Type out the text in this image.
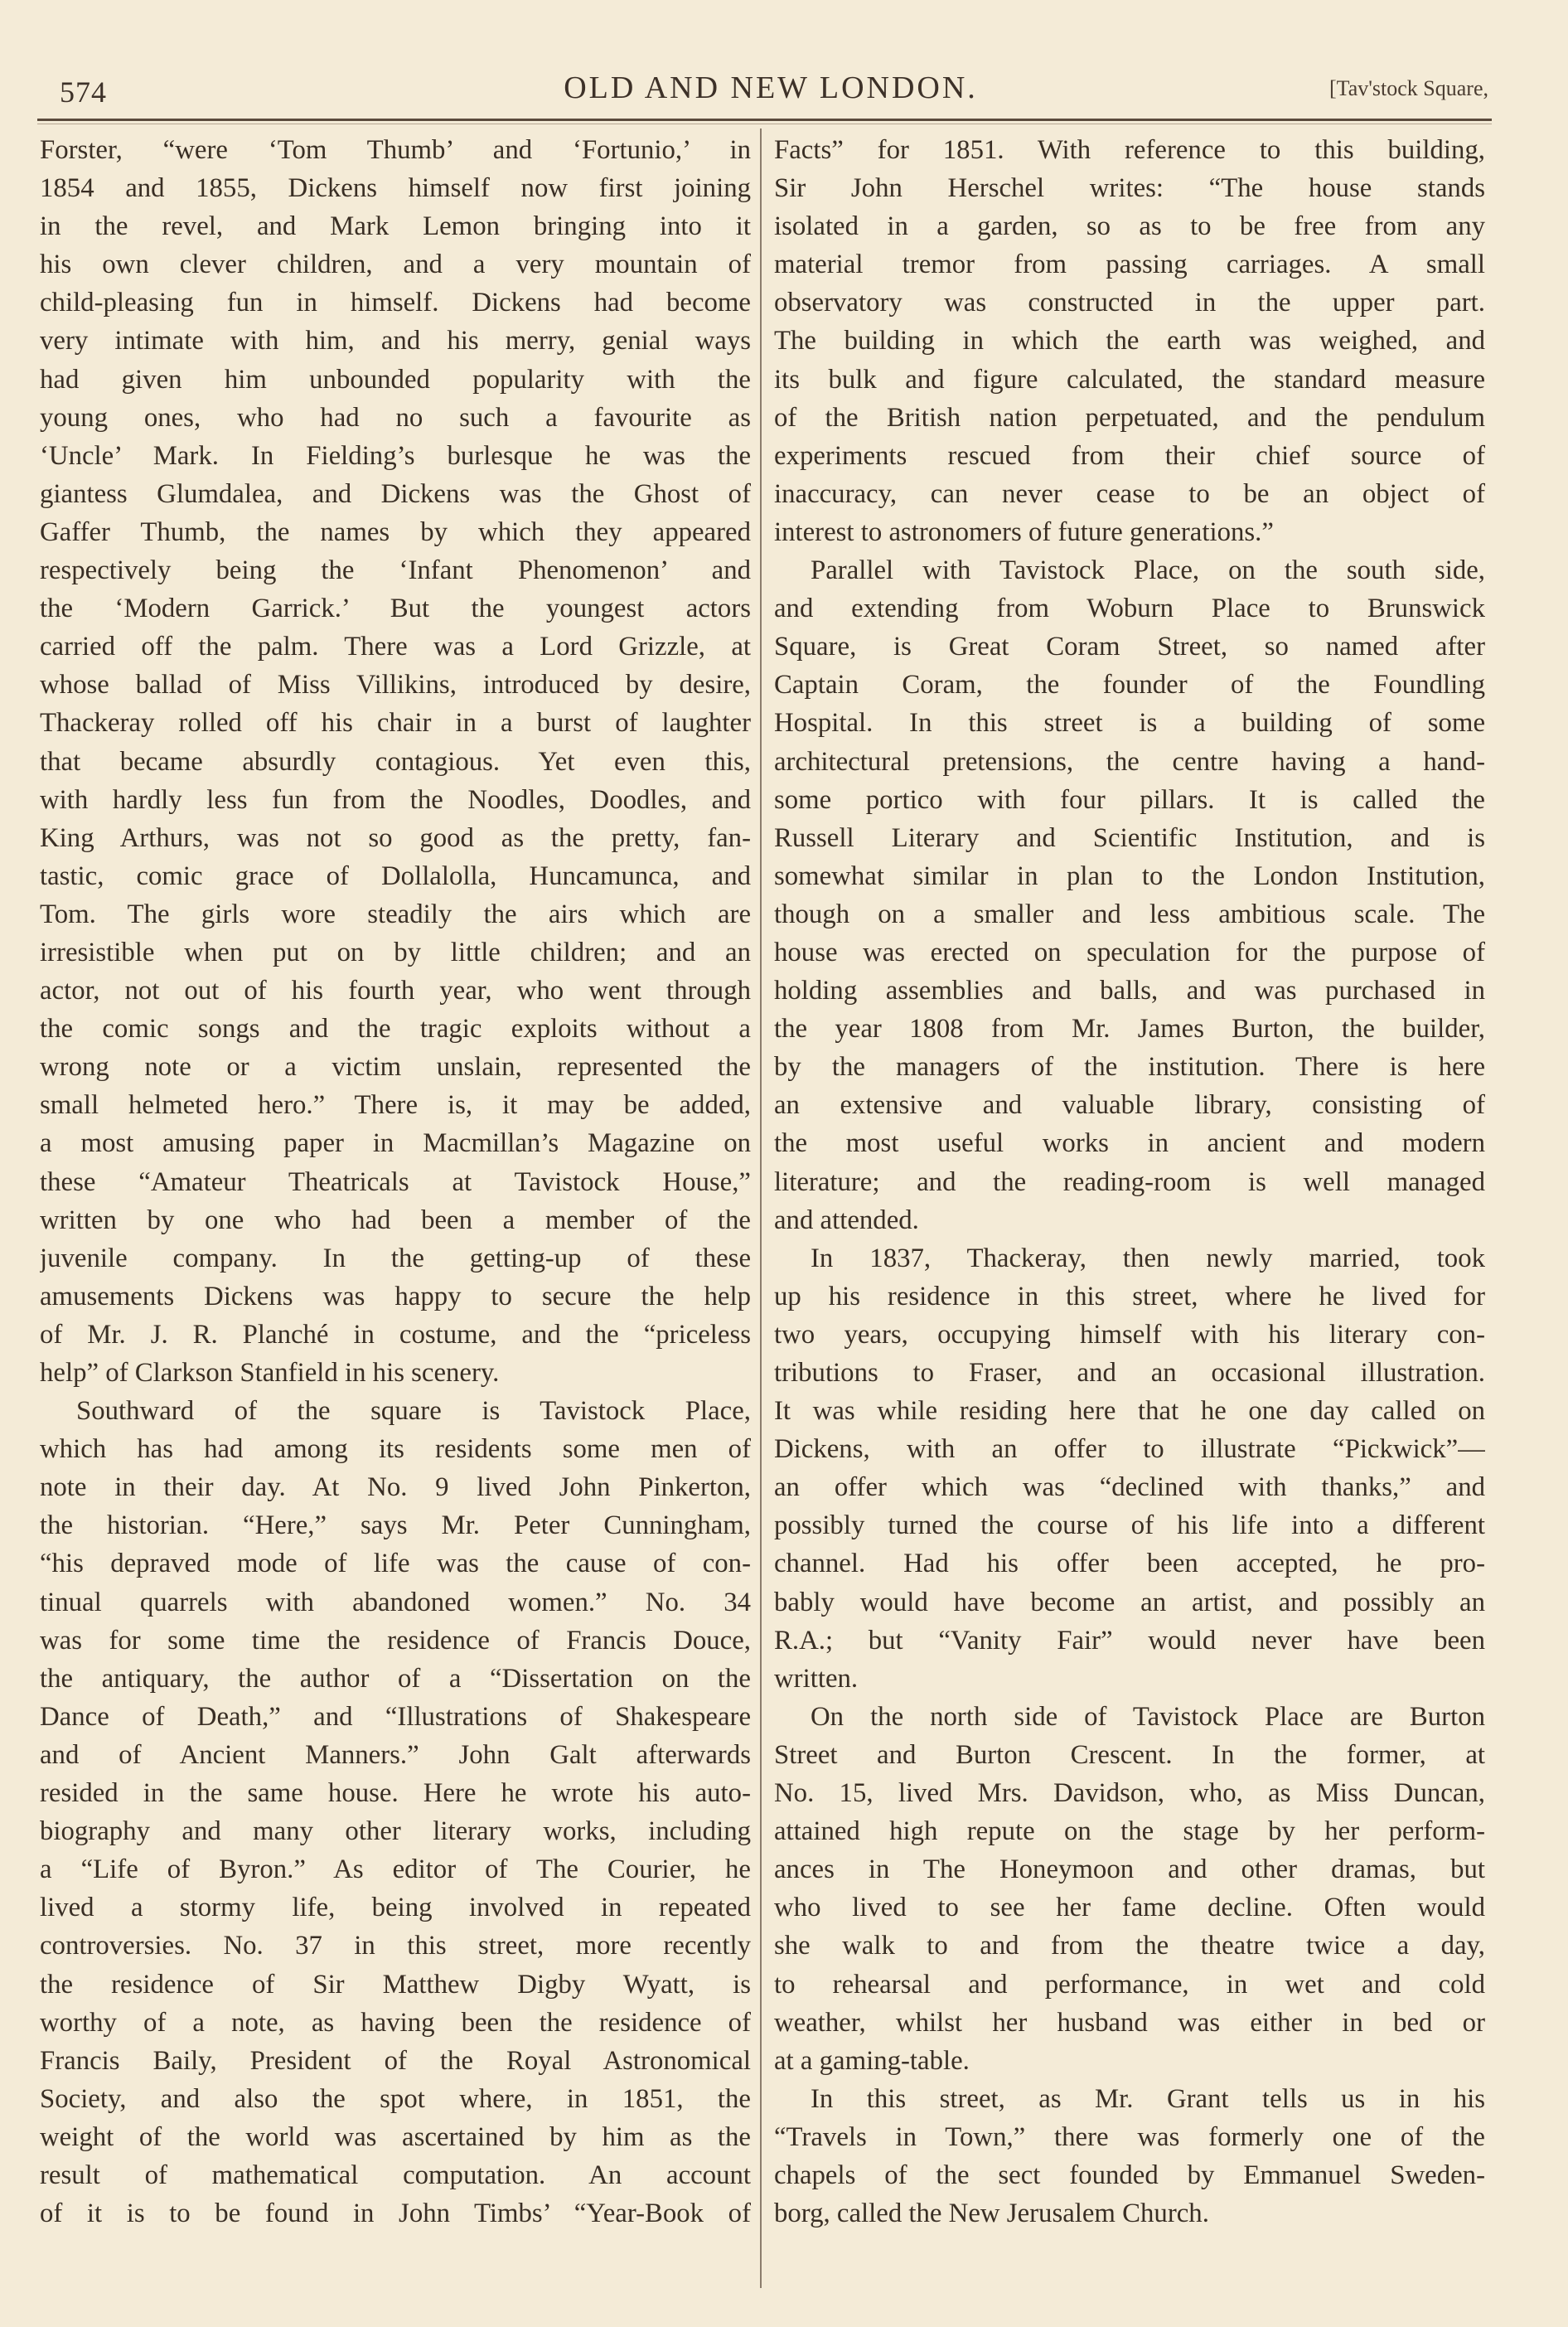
574	OLD AND NEW LONDON.	[Tav'stock Square,
Forster, “were ‘Tom Thumb’ and ‘Fortunio,’ in
1854 and 1855, Dickens himself now first joining
in the revel, and Mark Lemon bringing into it
his own clever children, and a very mountain of
child-pleasing fun in himself. Dickens had become
very intimate with him, and his merry, genial ways
had given him unbounded popularity with the
young ones, who had no such a favourite as
‘Uncle’ Mark. In Fielding’s burlesque he was the
giantess Glumdalea, and Dickens was the Ghost of
Gaffer Thumb, the names by which they appeared
respectively being the ‘Infant Phenomenon’ and
the ‘Modern Garrick.’ But the youngest actors
carried off the palm. There was a Lord Grizzle, at
whose ballad of Miss Villikins, introduced by desire,
Thackeray rolled off his chair in a burst of laughter
that became absurdly contagious. Yet even this,
with hardly less fun from the Noodles, Doodles, and
King Arthurs, was not so good as the pretty, fan-
tastic, comic grace of Dollalolla, Huncamunca, and
Tom. The girls wore steadily the airs which are
irresistible when put on by little children; and an
actor, not out of his fourth year, who went through
the comic songs and the tragic exploits without a
wrong note or a victim unslain, represented the
small helmeted hero.” There is, it may be added,
a most amusing paper in Macmillan’s Magazine on
these “Amateur Theatricals at Tavistock House,”
written by one who had been a member of the
juvenile company. In the getting-up of these
amusements Dickens was happy to secure the help
of Mr. J. R. Planché in costume, and the “priceless
help” of Clarkson Stanfield in his scenery.
Southward of the square is Tavistock Place,
which has had among its residents some men of
note in their day. At No. 9 lived John Pinkerton,
the historian. “Here,” says Mr. Peter Cunningham,
“his depraved mode of life was the cause of con-
tinual quarrels with abandoned women.” No. 34
was for some time the residence of Francis Douce,
the antiquary, the author of a “Dissertation on the
Dance of Death,” and “Illustrations of Shakespeare
and of Ancient Manners.” John Galt afterwards
resided in the same house. Here he wrote his auto-
biography and many other literary works, including
a “Life of Byron.” As editor of The Courier, he
lived a stormy life, being involved in repeated
controversies. No. 37 in this street, more recently
the residence of Sir Matthew Digby Wyatt, is
worthy of a note, as having been the residence of
Francis Baily, President of the Royal Astronomical
Society, and also the spot where, in 1851, the
weight of the world was ascertained by him as the
result of mathematical computation. An account
of it is to be found in John Timbs’ “Year-Book of
Facts” for 1851. With reference to this building,
Sir John Herschel writes: “The house stands
isolated in a garden, so as to be free from any
material tremor from passing carriages. A small
observatory was constructed in the upper part.
The building in which the earth was weighed, and
its bulk and figure calculated, the standard measure
of the British nation perpetuated, and the pendulum
experiments rescued from their chief source of
inaccuracy, can never cease to be an object of
interest to astronomers of future generations.”
Parallel with Tavistock Place, on the south side,
and extending from Woburn Place to Brunswick
Square, is Great Coram Street, so named after
Captain Coram, the founder of the Foundling
Hospital. In this street is a building of some
architectural pretensions, the centre having a hand-
some portico with four pillars. It is called the
Russell Literary and Scientific Institution, and is
somewhat similar in plan to the London Institution,
though on a smaller and less ambitious scale. The
house was erected on speculation for the purpose of
holding assemblies and balls, and was purchased in
the year 1808 from Mr. James Burton, the builder,
by the managers of the institution. There is here
an extensive and valuable library, consisting of
the most useful works in ancient and modern
literature; and the reading-room is well managed
and attended.
In 1837, Thackeray, then newly married, took
up his residence in this street, where he lived for
two years, occupying himself with his literary con-
tributions to Fraser, and an occasional illustration.
It was while residing here that he one day called on
Dickens, with an offer to illustrate “Pickwick”—
an offer which was “declined with thanks,” and
possibly turned the course of his life into a different
channel. Had his offer been accepted, he pro-
bably would have become an artist, and possibly an
R.A.; but “Vanity Fair” would never have been
written.
On the north side of Tavistock Place are Burton
Street and Burton Crescent. In the former, at
No. 15, lived Mrs. Davidson, who, as Miss Duncan,
attained high repute on the stage by her perform-
ances in The Honeymoon and other dramas, but
who lived to see her fame decline. Often would
she walk to and from the theatre twice a day,
to rehearsal and performance, in wet and cold
weather, whilst her husband was either in bed or
at a gaming-table.
In this street, as Mr. Grant tells us in his
“Travels in Town,” there was formerly one of the
chapels of the sect founded by Emmanuel Sweden-
borg, called the New Jerusalem Church.
